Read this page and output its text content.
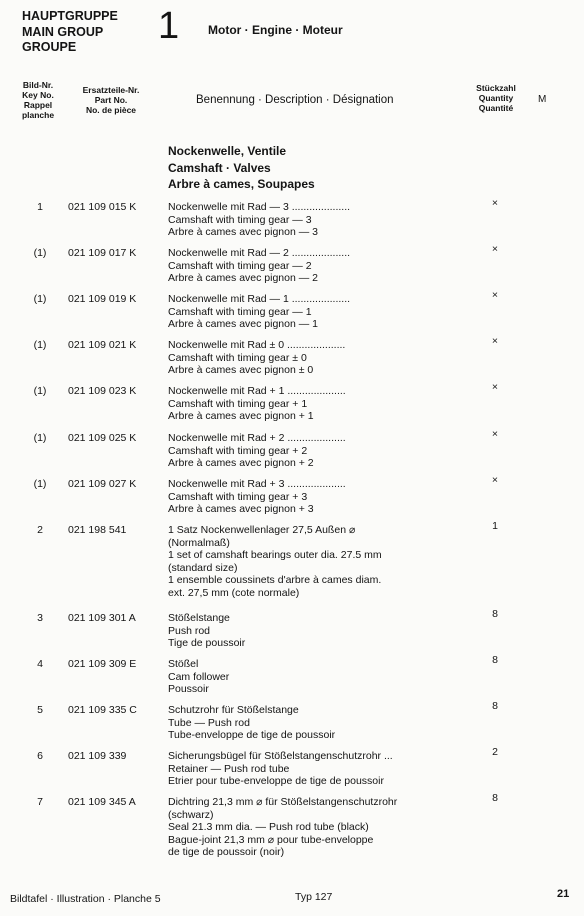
HAUPTGRUPPE
MAIN GROUP
GROUPE	1 Motor · Engine · Moteur
Bild-Nr.
Key No.
Rappel
planche
Ersatzteile-Nr.
Part No.
No. de pièce
Benennung · Description · Désignation
Stückzahl
Quantity
Quantité
M
Nockenwelle, Ventile
Camshaft · Valves
Arbre à cames, Soupapes
1	021 109 015 K	Nockenwelle mit Rad — 3 ....................
Camshaft with timing gear — 3
Arbre à cames avec pignon — 3
×
(1)	021 109 017 K	Nockenwelle mit Rad — 2 ....................
Camshaft with timing gear — 2
Arbre à cames avec pignon — 2
×
(1)	021 109 019 K	Nockenwelle mit Rad — 1 ....................
Camshaft with timing gear — 1
Arbre à cames avec pignon — 1
×
(1)	021 109 021 K	Nockenwelle mit Rad ± 0 ....................
Camshaft with timing gear ± 0
Arbre à cames avec pignon ± 0
×
(1)	021 109 023 K	Nockenwelle mit Rad + 1 ....................
Camshaft with timing gear + 1
Arbre à cames avec pignon + 1
×
(1)	021 109 025 K	Nockenwelle mit Rad + 2 ....................
Camshaft with timing gear + 2
Arbre à cames avec pignon + 2
×
(1)	021 109 027 K	Nockenwelle mit Rad + 3 ....................
Camshaft with timing gear + 3
Arbre à cames avec pignon + 3
×
2	021 198 541	1 Satz Nockenwellenlager 27,5 Außen ⌀
(Normalmaß)
1 set of camshaft bearings outer dia. 27.5 mm
(standard size)
1 ensemble coussinets d'arbre à cames diam.
ext. 27,5 mm (cote normale)
1
3	021 109 301 A	Stößelstange
Push rod
Tige de poussoir
8
4	021 109 309 E	Stößel
Cam follower
Poussoir
8
5	021 109 335 C	Schutzrohr für Stößelstange
Tube — Push rod
Tube-enveloppe de tige de poussoir
8
6	021 109 339	Sicherungsbügel für Stößelstangenschutzrohr ...
Retainer — Push rod tube
Etrier pour tube-enveloppe de tige de poussoir
2
7	021 109 345 A	Dichtring 21,3 mm ⌀ für Stößelstangenschutzrohr
(schwarz)
Seal 21.3 mm dia. — Push rod tube (black)
Bague-joint 21,3 mm ⌀ pour tube-enveloppe
de tige de poussoir (noir)
8
Bildtafel · Illustration · Planche 5	Typ 127	21
